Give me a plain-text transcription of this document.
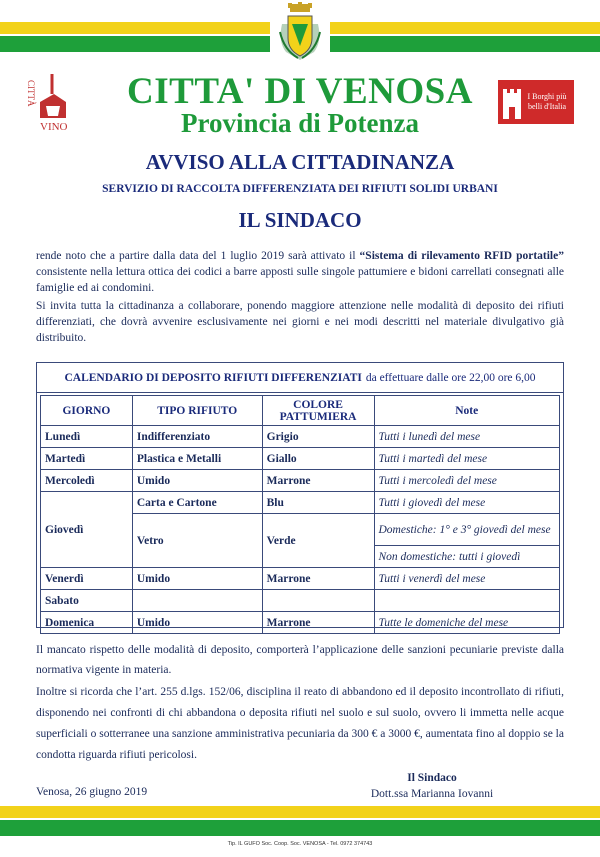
CITTÀ
VINO
I Borghi più belli d'Italia
CITTA' DI VENOSA
Provincia di Potenza
AVVISO ALLA CITTADINANZA
SERVIZIO DI RACCOLTA DIFFERENZIATA DEI RIFIUTI SOLIDI URBANI
IL SINDACO
rende noto che a partire dalla data del 1 luglio 2019 sarà attivato il “Sistema di rilevamento RFID portatile” consistente nella lettura ottica dei codici a barre apposti sulle singole pattumiere e bidoni carrellati consegnati alle famiglie ed ai condomini.
Si invita tutta la cittadinanza a collaborare, ponendo maggiore attenzione nelle modalità di deposito dei rifiuti differenziati, che dovrà avvenire esclusivamente nei giorni e nei modi descritti nel materiale divulgativo già distribuito.
CALENDARIO DI DEPOSITO RIFIUTI DIFFERENZIATI da effettuare dalle ore 22,00 ore 6,00
GIORNO	TIPO RIFIUTO	COLORE PATTUMIERA	Note
Lunedì	Indifferenziato	Grigio	Tutti i lunedì del mese
Martedì	Plastica e Metalli	Giallo	Tutti i martedì del mese
Mercoledì	Umido	Marrone	Tutti i mercoledì del mese
Giovedì	Carta e Cartone	Blu	Tutti i giovedì del mese
	Vetro	Verde	Domestiche: 1° e 3° giovedì del mese
			Non domestiche: tutti i giovedì
Venerdì	Umido	Marrone	Tutti i venerdì del mese
Sabato			
Domenica	Umido	Marrone	Tutte le domeniche del mese
Il mancato rispetto delle modalità di deposito, comporterà l’applicazione delle sanzioni pecuniarie previste dalla normativa vigente in materia.
Inoltre si ricorda che l’art. 255 d.lgs. 152/06, disciplina il reato di abbandono ed il deposito incontrollato di rifiuti, disponendo nei confronti di chi abbandona o deposita rifiuti nel suolo e sul suolo, ovvero li immetta nelle acque superficiali o sotterranee una sanzione amministrativa pecuniaria da 300 € a 3000 €, aumentata fino al doppio se la condotta riguarda rifiuti pericolosi.
Venosa, 26 giugno 2019
Il Sindaco
Dott.ssa Marianna Iovanni
Tip. IL GUFO Soc. Coop. Soc. VENOSA - Tel. 0972 374743
